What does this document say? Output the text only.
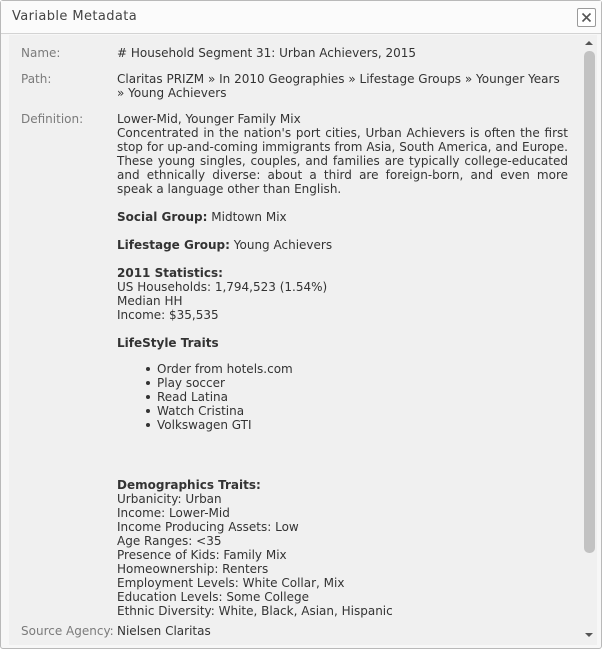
Variable Metadata
Name:	# Household Segment 31: Urban Achievers, 2015
Path:	Claritas PRIZM » In 2010 Geographies » Lifestage Groups » Younger Years » Young Achievers
Definition:	Lower-Mid, Younger Family Mix
Concentrated in the nation's port cities, Urban Achievers is often the first stop for up-and-coming immigrants from Asia, South America, and Europe. These young singles, couples, and families are typically college-educated and ethnically diverse: about a third are foreign-born, and even more speak a language other than English.
Social Group: Midtown Mix
Lifestage Group: Young Achievers
2011 Statistics:
US Households: 1,794,523 (1.54%)
Median HH
Income: $35,535
LifeStyle Traits
Order from hotels.com
Play soccer
Read Latina
Watch Cristina
Volkswagen GTI
Demographics Traits:
Urbanicity: Urban
Income: Lower-Mid
Income Producing Assets: Low
Age Ranges: <35
Presence of Kids: Family Mix
Homeownership: Renters
Employment Levels: White Collar, Mix
Education Levels: Some College
Ethnic Diversity: White, Black, Asian, Hispanic
Source Agency: Nielsen Claritas
